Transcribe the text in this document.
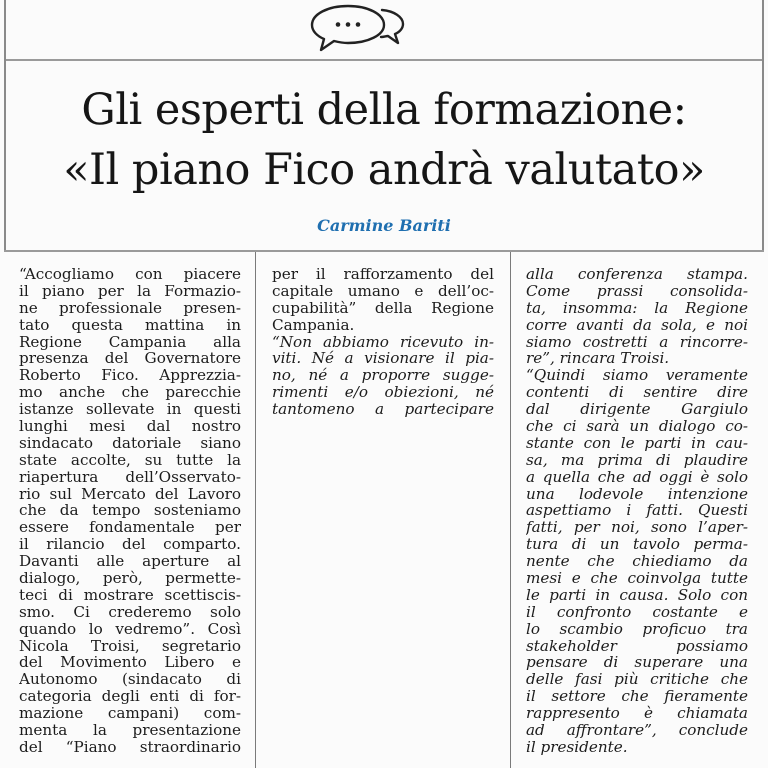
Gli esperti della formazione:
«Il piano Fico andrà valutato»
Carmine Bariti
“Accogliamo con piacere
il piano per la Formazio-
ne professionale presen-
tato questa mattina in
Regione Campania alla
presenza del Governatore
Roberto Fico. Apprezzia-
mo anche che parecchie
istanze sollevate in questi
lunghi mesi dal nostro
sindacato datoriale siano
state accolte, su tutte la
riapertura dell’Osservato-
rio sul Mercato del Lavoro
che da tempo sosteniamo
essere fondamentale per
il rilancio del comparto.
Davanti alle aperture al
dialogo, però, permette-
teci di mostrare scettiscis-
smo. Ci crederemo solo
quando lo vedremo”. Così
Nicola Troisi, segretario
del Movimento Libero e
Autonomo (sindacato di
categoria degli enti di for-
mazione campani) com-
menta la presentazione
del “Piano straordinario
per il rafforzamento del
capitale umano e dell’oc-
cupabilità” della Regione
Campania.
“Non abbiamo ricevuto in-
viti. Né a visionare il pia-
no, né a proporre sugge-
rimenti e/o obiezioni, né
tantomeno a partecipare
alla conferenza stampa.
Come prassi consolida-
ta, insomma: la Regione
corre avanti da sola, e noi
siamo costretti a rincorre-
re”, rincara Troisi.
“Quindi siamo veramente
contenti di sentire dire
dal dirigente Gargiulo
che ci sarà un dialogo co-
stante con le parti in cau-
sa, ma prima di plaudire
a quella che ad oggi è solo
una lodevole intenzione
aspettiamo i fatti. Questi
fatti, per noi, sono l’aper-
tura di un tavolo perma-
nente che chiediamo da
mesi e che coinvolga tutte
le parti in causa. Solo con
il confronto costante e
lo scambio proficuo tra
stakeholder possiamo
pensare di superare una
delle fasi più critiche che
il settore che fieramente
rappresento è chiamata
ad affrontare”, conclude
il presidente.
